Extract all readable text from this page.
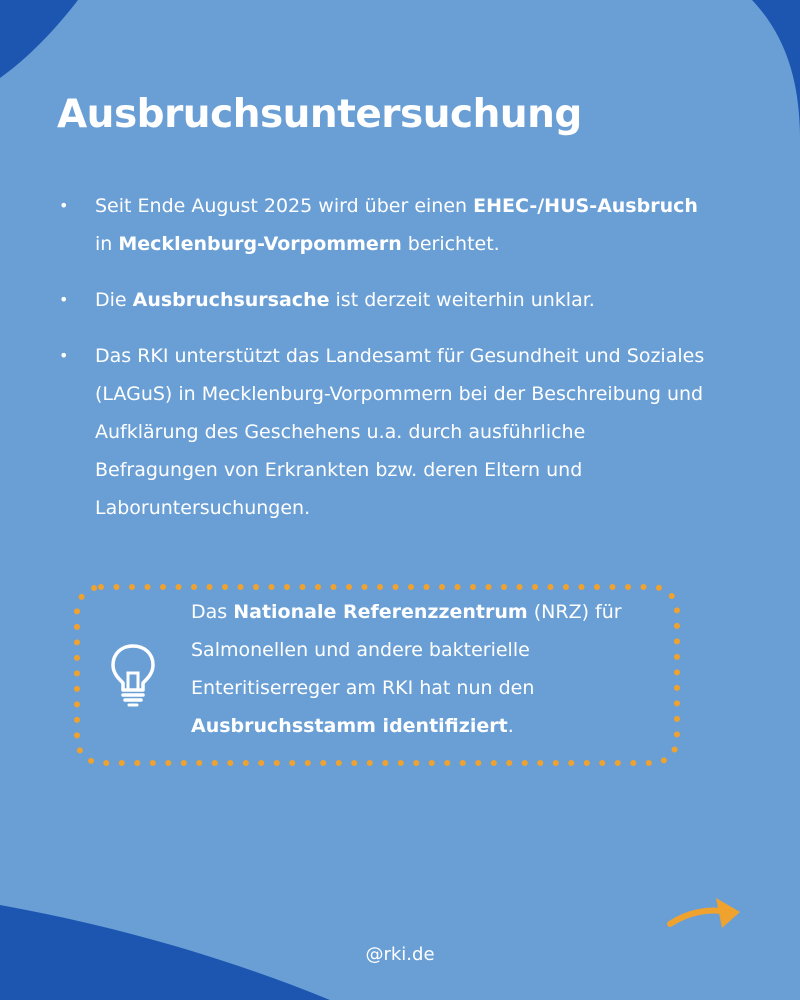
Ausbruchsuntersuchung
• Seit Ende August 2025 wird über einen EHEC-/HUS-Ausbruch in Mecklenburg-Vorpommern berichtet.
• Die Ausbruchsursache ist derzeit weiterhin unklar.
• Das RKI unterstützt das Landesamt für Gesundheit und Soziales (LAGuS) in Mecklenburg-Vorpommern bei der Beschreibung und Aufklärung des Geschehens u.a. durch ausführliche Befragungen von Erkrankten bzw. deren Eltern und Laboruntersuchungen.
Das Nationale Referenzzentrum (NRZ) für Salmonellen und andere bakterielle Enteritiserreger am RKI hat nun den Ausbruchsstamm identifiziert.
@rki.de
